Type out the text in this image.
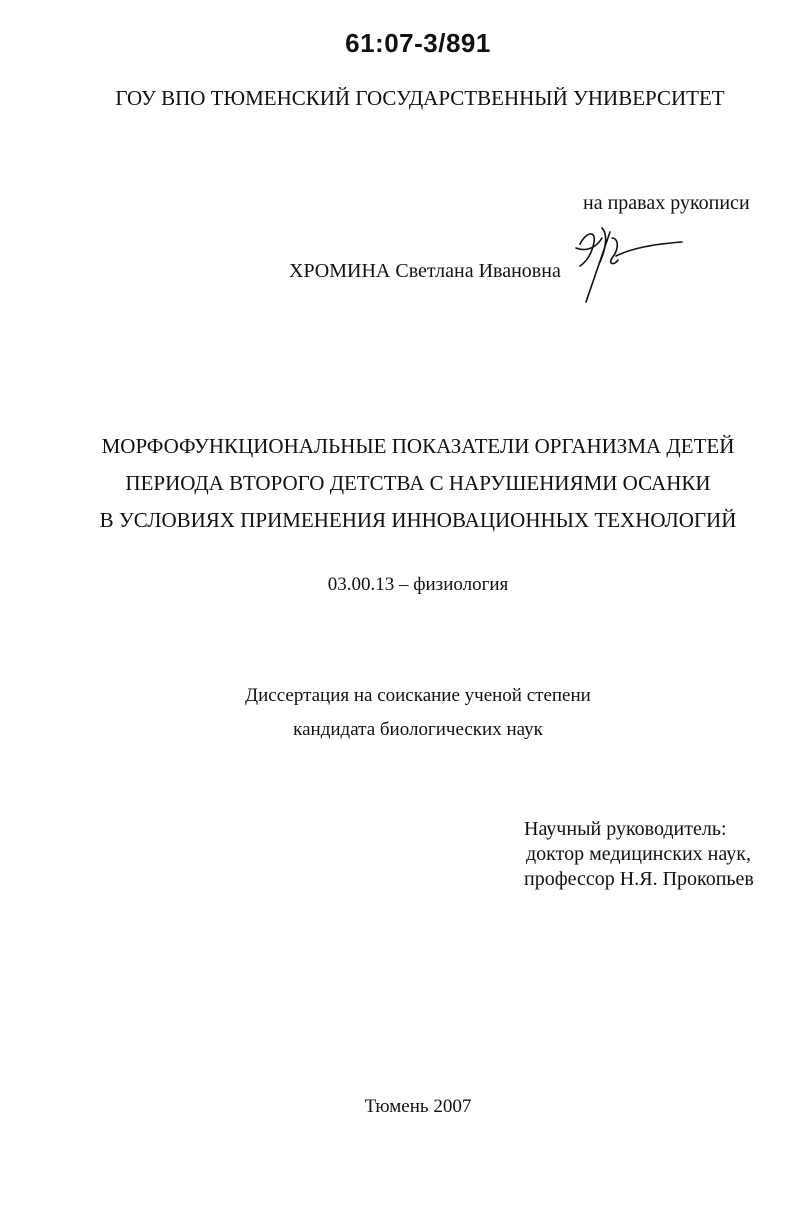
61:07-3/891
ГОУ ВПО ТЮМЕНСКИЙ ГОСУДАРСТВЕННЫЙ УНИВЕРСИТЕТ
на правах рукописи
ХРОМИНА Светлана Ивановна
МОРФОФУНКЦИОНАЛЬНЫЕ ПОКАЗАТЕЛИ ОРГАНИЗМА ДЕТЕЙ
ПЕРИОДА ВТОРОГО ДЕТСТВА С НАРУШЕНИЯМИ ОСАНКИ
В УСЛОВИЯХ ПРИМЕНЕНИЯ ИННОВАЦИОННЫХ ТЕХНОЛОГИЙ
03.00.13 – физиология
Диссертация на соискание ученой степени
кандидата биологических наук
Научный руководитель:
доктор медицинских наук,
профессор Н.Я. Прокопьев
Тюмень 2007
